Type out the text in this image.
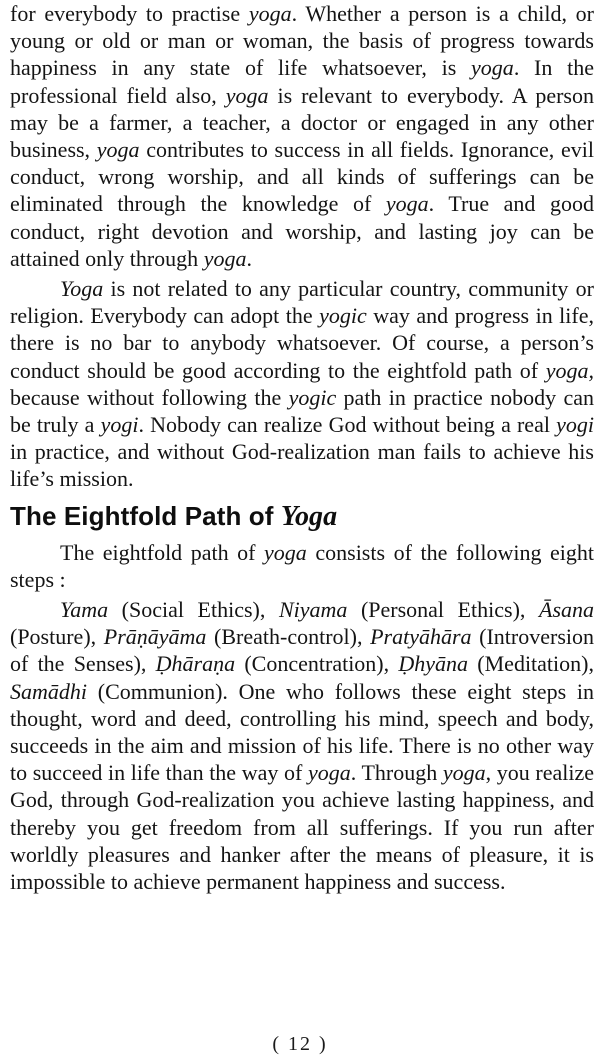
for everybody to practise yoga. Whether a person is a child, or young or old or man or woman, the basis of progress towards happiness in any state of life whatsoever, is yoga. In the professional field also, yoga is relevant to everybody. A person may be a farmer, a teacher, a doctor or engaged in any other business, yoga contributes to success in all fields. Ignorance, evil conduct, wrong worship, and all kinds of sufferings can be eliminated through the knowledge of yoga. True and good conduct, right devotion and worship, and lasting joy can be attained only through yoga.

Yoga is not related to any particular country, community or religion. Everybody can adopt the yogic way and progress in life, there is no bar to anybody whatsoever. Of course, a person’s conduct should be good according to the eightfold path of yoga, because without following the yogic path in practice nobody can be truly a yogi. Nobody can realize God without being a real yogi in practice, and without God-realization man fails to achieve his life’s mission.

The Eightfold Path of Yoga

The eightfold path of yoga consists of the following eight steps :

Yama (Social Ethics), Niyama (Personal Ethics), Āsana (Posture), Prāṇāyāma (Breath-control), Pratyāhāra (Introversion of the Senses), Ḍhāraṇa (Concentration), Ḍhyāna (Meditation), Samādhi (Communion). One who follows these eight steps in thought, word and deed, controlling his mind, speech and body, succeeds in the aim and mission of his life. There is no other way to succeed in life than the way of yoga. Through yoga, you realize God, through God-realization you achieve lasting happiness, and thereby you get freedom from all sufferings. If you run after worldly pleasures and hanker after the means of pleasure, it is impossible to achieve permanent happiness and success.

( 12 )
